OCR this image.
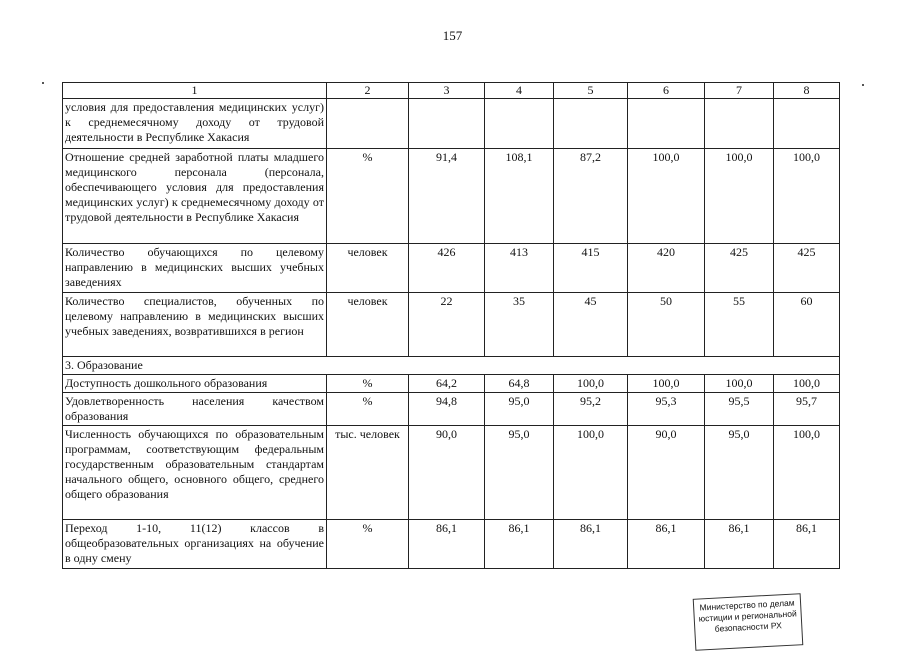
157
1	2	3	4	5	6	7	8
условия для предоставления медицинских услуг) к среднемесячному доходу от трудовой деятельности в Республике Хакасия							
Отношение средней заработной платы младшего медицинского персонала (персонала, обеспечивающего условия для предоставления медицинских услуг) к среднемесячному доходу от трудовой деятельности в Республике Хакасия	%	91,4	108,1	87,2	100,0	100,0	100,0
Количество обучающихся по целевому направлению в медицинских высших учебных заведениях	человек	426	413	415	420	425	425
Количество специалистов, обученных по целевому направлению в медицинских высших учебных заведениях, возвратившихся в регион	человек	22	35	45	50	55	60
3. Образование							
Доступность дошкольного образования	%	64,2	64,8	100,0	100,0	100,0	100,0
Удовлетворенность населения качеством образования	%	94,8	95,0	95,2	95,3	95,5	95,7
Численность обучающихся по образовательным программам, соответствующим федеральным государственным образовательным стандартам начального общего, основного общего, среднего общего образования	тыс. человек	90,0	95,0	100,0	90,0	95,0	100,0
Переход 1-10, 11(12) классов в общеобразовательных организациях на обучение в одну смену	%	86,1	86,1	86,1	86,1	86,1	86,1
Министерство по делам
юстиции и региональной
безопасности РХ
